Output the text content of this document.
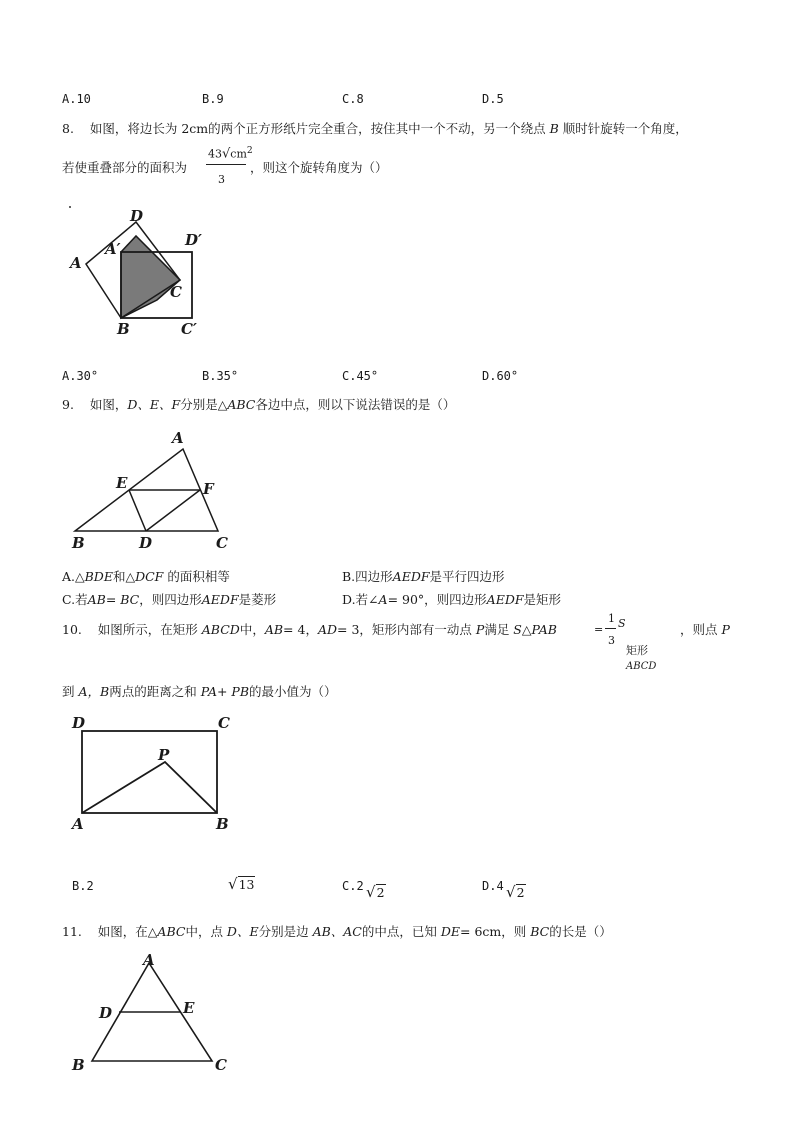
A.10	B.9	C.8	D.5
8. 如图，将边长为 2cm的两个正方形纸片完全重合，按住其中一个不动，另一个绕点 B 顺时针旋转一个角度，
若使重叠部分的面积为
$43√cm^2$
3
，则这个旋转角度为（）
D
D′
A′
A
C
B	C′
A.30°	B.35°	C.45°	D.60°
9. 如图，D、E、F分别是△ABC各边中点，则以下说法错误的是（）
A
E	F
B	D	C
A.△BDE和△DCF 的面积相等	B.四边形AEDF是平行四边形
C.若AB= BC，则四边形AEDF是菱形	D.若∠A= 90°，则四边形AEDF是矩形
10. 如图所示，在矩形 ABCD中，AB= 4，AD= 3，矩形内部有一动点 P满足 S△PAB
1
= S
3
矩形
ABCD
，则点 P
到 A，B两点的距离之和 PA+ PB的最小值为（）
D	C
P
A	B
B.2	√13	C.2 √2	D.4 √2
11. 如图，在△ABC中，点 D、E分别是边 AB、AC的中点，已知 DE= 6cm，则 BC的长是（）
A
D	E
B	C
